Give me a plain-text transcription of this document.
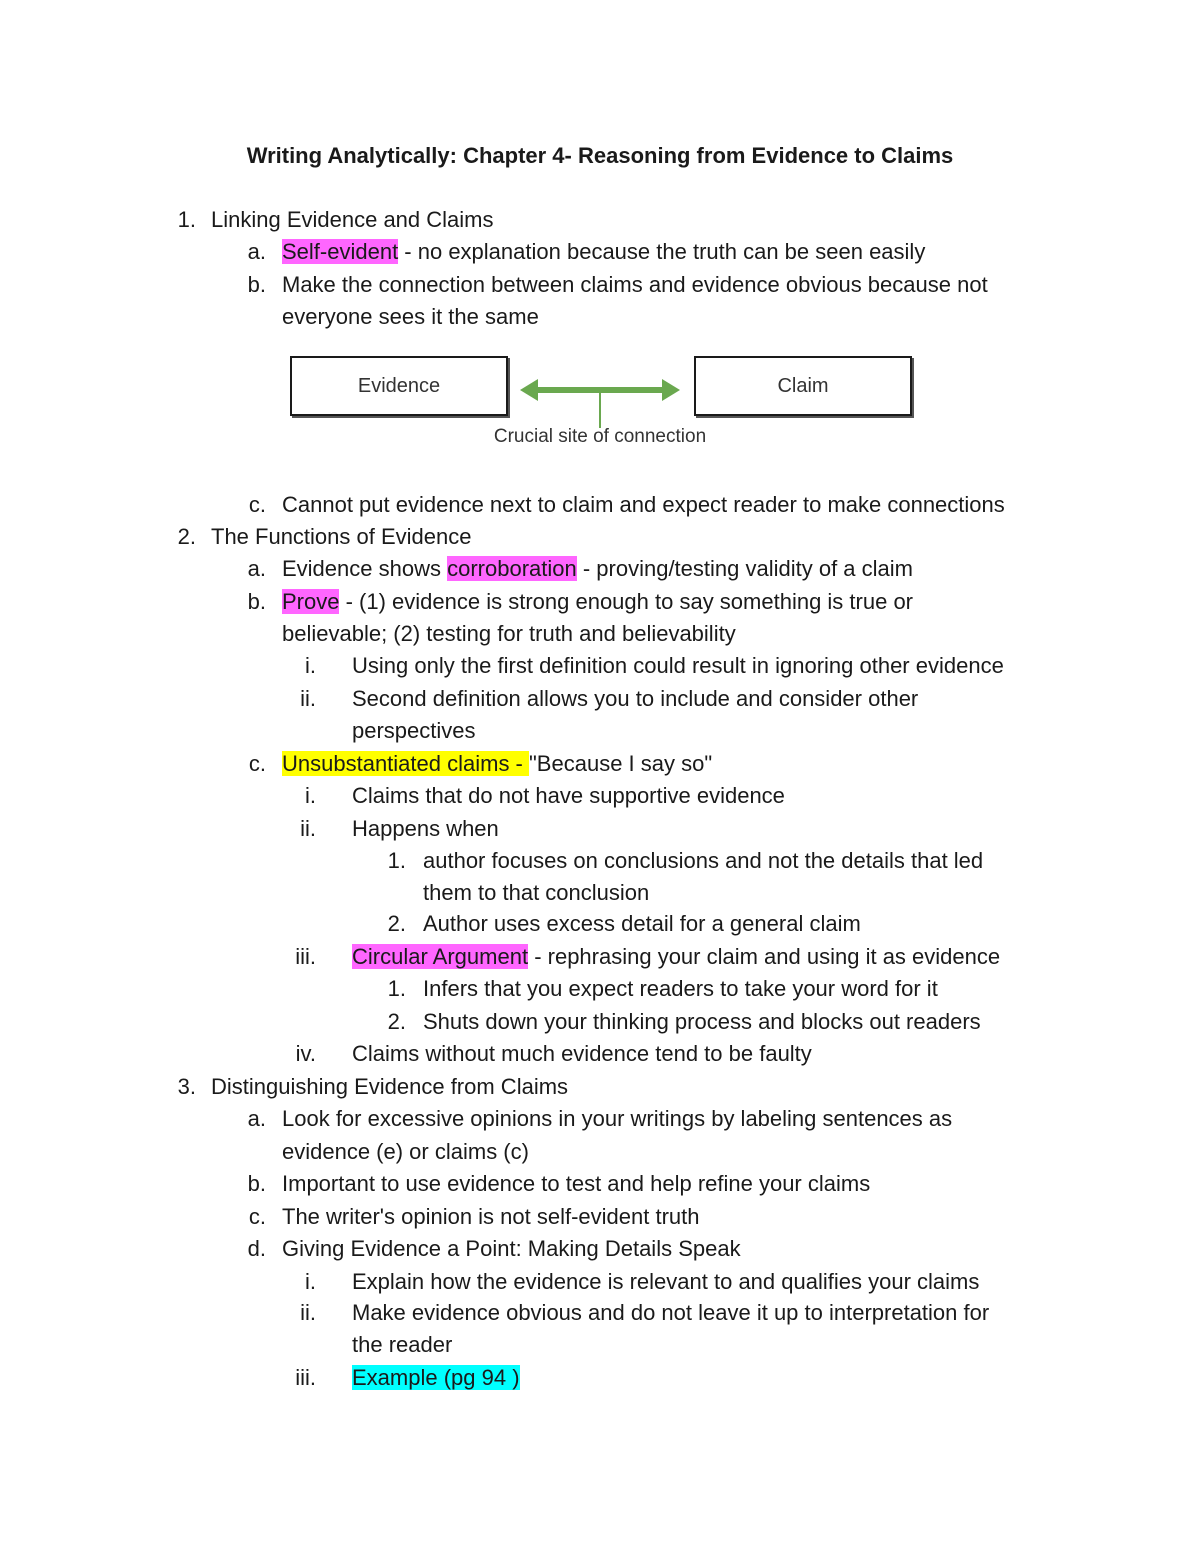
Writing Analytically: Chapter 4- Reasoning from Evidence to Claims
1. Linking Evidence and Claims
a. Self-evident - no explanation because the truth can be seen easily
b. Make the connection between claims and evidence obvious because not
everyone sees it the same
Evidence	Claim
Crucial site of connection
c. Cannot put evidence next to claim and expect reader to make connections
2. The Functions of Evidence
a. Evidence shows corroboration - proving/testing validity of a claim
b. Prove - (1) evidence is strong enough to say something is true or
believable; (2) testing for truth and believability
i. Using only the first definition could result in ignoring other evidence
ii. Second definition allows you to include and consider other
perspectives
c. Unsubstantiated claims - "Because I say so"
i. Claims that do not have supportive evidence
ii. Happens when
1. author focuses on conclusions and not the details that led
them to that conclusion
2. Author uses excess detail for a general claim
iii. Circular Argument - rephrasing your claim and using it as evidence
1. Infers that you expect readers to take your word for it
2. Shuts down your thinking process and blocks out readers
iv. Claims without much evidence tend to be faulty
3. Distinguishing Evidence from Claims
a. Look for excessive opinions in your writings by labeling sentences as
evidence (e) or claims (c)
b. Important to use evidence to test and help refine your claims
c. The writer's opinion is not self-evident truth
d. Giving Evidence a Point: Making Details Speak
i. Explain how the evidence is relevant to and qualifies your claims
ii. Make evidence obvious and do not leave it up to interpretation for
the reader
iii. Example (pg 94 )
